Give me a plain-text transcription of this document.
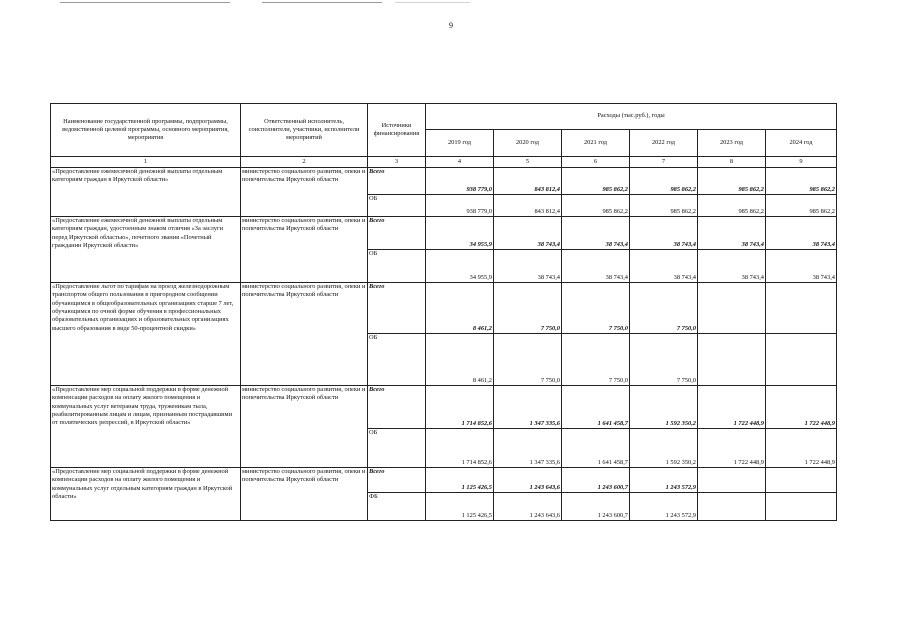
9
Наименование государственной программы, подпрограммы, ведомственной целевой программы, основного мероприятия, мероприятия	Ответственный исполнитель, соисполнители, участники, исполнители мероприятий	Источники финансирования	Расходы (тыс.руб.), годы					
			2019 год	2020 год	2021 год	2022 год	2023 год	2024 год
1	2	3	4	5	6	7	8	9
«Предоставление ежемесячной денежной выплаты отдельным категориям граждан в Иркутской области»	министерство социального развития, опеки и попечительства Иркутской области	Всего	938 779,0	843 812,4	985 862,2	985 862,2	985 862,2	985 862,2
		ОБ	938 779,0	843 812,4	985 862,2	985 862,2	985 862,2	985 862,2
«Предоставление ежемесячной денежной выплаты отдельным категориям граждан, удостоенным знаком отличия «За заслуги перед Иркутской областью», почетного звания «Почетный гражданин Иркутской области»	министерство социального развития, опеки и попечительства Иркутской области	Всего	34 955,9	38 743,4	38 743,4	38 743,4	38 743,4	38 743,4
		ОБ	34 955,9	38 743,4	38 743,4	38 743,4	38 743,4	38 743,4
«Предоставление льгот по тарифам на проезд железнодорожным транспортом общего пользования в пригородном сообщении обучающимся в общеобразовательных организациях старше 7 лет, обучающимся по очной форме обучения в профессиональных образовательных организациях и образовательных организациях высшего образования в виде 50-процентной скидки»	министерство социального развития, опеки и попечительства Иркутской области	Всего	8 461,2	7 750,0	7 750,0	7 750,0		
		ОБ	8 461,2	7 750,0	7 750,0	7 750,0		
«Предоставление мер социальной поддержки в форме денежной компенсации расходов на оплату жилого помещения и коммунальных услуг ветеранам труда, труженикам тыла, реабилитированным лицам и лицам, признанным пострадавшими от политических репрессий, в Иркутской области»	министерство социального развития, опеки и попечительства Иркутской области	Всего	1 714 852,6	1 347 335,6	1 641 458,7	1 592 350,2	1 722 448,9	1 722 448,9
		ОБ	1 714 852,6	1 347 335,6	1 641 458,7	1 592 350,2	1 722 448,9	1 722 448,9
«Предоставление мер социальной поддержки в форме денежной компенсации расходов на оплату жилого помещения и коммунальных услуг отдельным категориям граждан в Иркутской области»	министерство социального развития, опеки и попечительства Иркутской области	Всего	1 125 426,5	1 243 643,6	1 243 600,7	1 243 572,9		
		ФБ	1 125 426,5	1 243 643,6	1 243 600,7	1 243 572,9		
